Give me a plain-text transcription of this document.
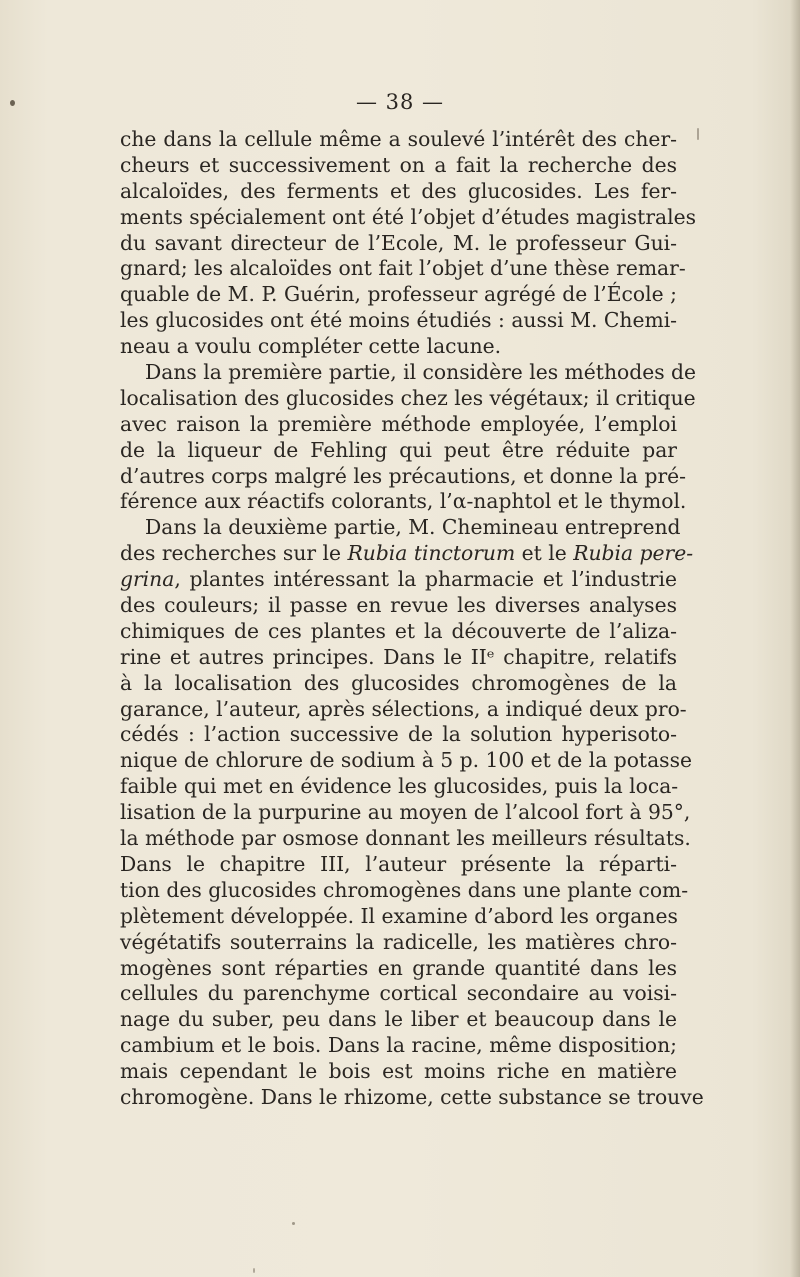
— 38 —
che dans la cellule même a soulevé l’intérêt des cher-
cheurs et successivement on a fait la recherche des
alcaloïdes, des ferments et des glucosides. Les fer-
ments spécialement ont été l’objet d’études magistrales
du savant directeur de l’Ecole, M. le professeur Gui-
gnard; les alcaloïdes ont fait l’objet d’une thèse remar-
quable de M. P. Guérin, professeur agrégé de l’École ;
les glucosides ont été moins étudiés : aussi M. Chemi-
neau a voulu compléter cette lacune.
Dans la première partie, il considère les méthodes de
localisation des glucosides chez les végétaux; il critique
avec raison la première méthode employée, l’emploi
de la liqueur de Fehling qui peut être réduite par
d’autres corps malgré les précautions, et donne la pré-
férence aux réactifs colorants, l’α-naphtol et le thymol.
Dans la deuxième partie, M. Chemineau entreprend
des recherches sur le Rubia tinctorum et le Rubia pere-
grina, plantes intéressant la pharmacie et l’industrie
des couleurs; il passe en revue les diverses analyses
chimiques de ces plantes et la découverte de l’aliza-
rine et autres principes. Dans le IIᵉ chapitre, relatifs
à la localisation des glucosides chromogènes de la
garance, l’auteur, après sélections, a indiqué deux pro-
cédés : l’action successive de la solution hyperisoto-
nique de chlorure de sodium à 5 p. 100 et de la potasse
faible qui met en évidence les glucosides, puis la loca-
lisation de la purpurine au moyen de l’alcool fort à 95°,
la méthode par osmose donnant les meilleurs résultats.
Dans le chapitre III, l’auteur présente la réparti-
tion des glucosides chromogènes dans une plante com-
plètement développée. Il examine d’abord les organes
végétatifs souterrains la radicelle, les matières chro-
mogènes sont réparties en grande quantité dans les
cellules du parenchyme cortical secondaire au voisi-
nage du suber, peu dans le liber et beaucoup dans le
cambium et le bois. Dans la racine, même disposition;
mais cependant le bois est moins riche en matière
chromogène. Dans le rhizome, cette substance se trouve
